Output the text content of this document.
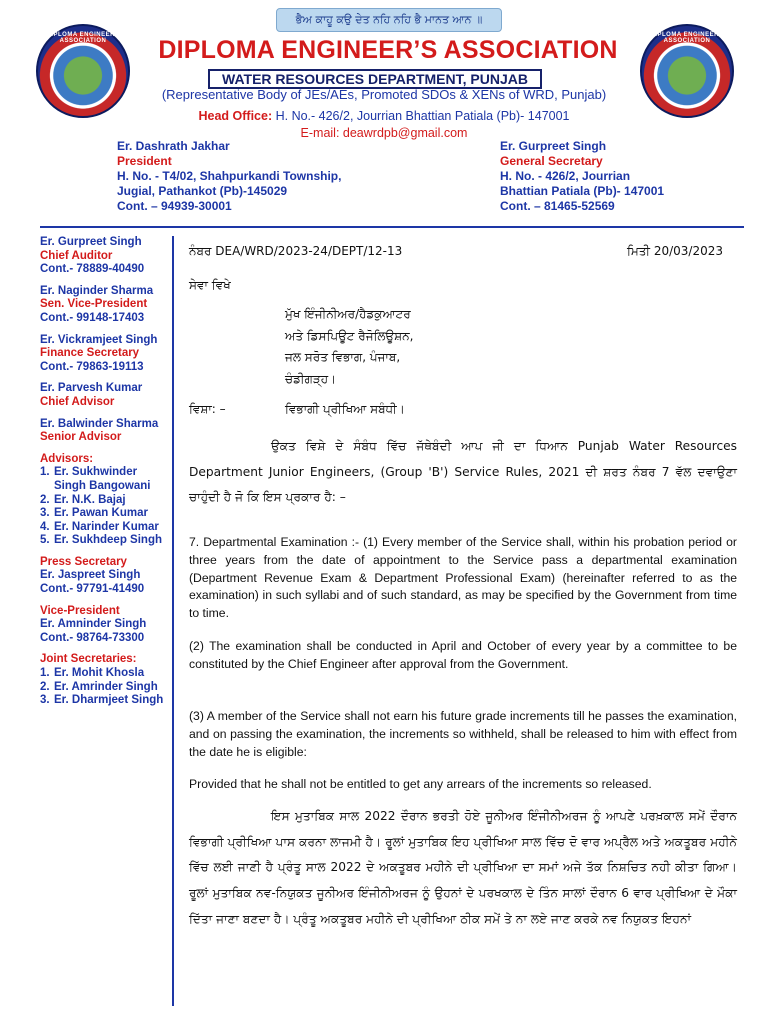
ਭੈਅ ਕਾਹੂ ਕਉ ਦੇਤ ਨਹਿ ਨਹਿ ਭੈ ਮਾਨਤ ਆਨ ॥
DIPLOMA ENGINEERS ASSOCIATION
DIPLOMA ENGINEERS ASSOCIATION
DIPLOMA ENGINEER’S ASSOCIATION
WATER RESOURCES DEPARTMENT, PUNJAB
(Representative Body of JEs/AEs, Promoted SDOs & XENs of WRD, Punjab)
Head Office: H. No.- 426/2, Jourrian Bhattian Patiala (Pb)- 147001
E-mail: deawrdpb@gmail.com
Er. Dashrath Jakhar
President
H. No. - T4/02, Shahpurkandi Township,
Jugial, Pathankot (Pb)-145029
Cont. – 94939-30001
Er. Gurpreet Singh
General Secretary
H. No. - 426/2, Jourrian
Bhattian Patiala (Pb)- 147001
Cont. – 81465-52569
Er. Gurpreet Singh
Chief Auditor
Cont.- 78889-40490
Er. Naginder Sharma
Sen. Vice-President
Cont.- 99148-17403
Er. Vickramjeet Singh
Finance Secretary
Cont.- 79863-19113
Er. Parvesh Kumar
Chief Advisor
Er. Balwinder Sharma
Senior Advisor
Advisors:
1. Er. Sukhwinder
Singh Bangowani
2. Er. N.K. Bajaj
3. Er. Pawan Kumar
4. Er. Narinder Kumar
5. Er. Sukhdeep Singh
Press Secretary
Er. Jaspreet Singh
Cont.- 97791-41490
Vice-President
Er. Amninder Singh
Cont.- 98764-73300
Joint Secretaries:
1. Er. Mohit Khosla
2. Er. Amrinder Singh
3. Er. Dharmjeet Singh
ਨੰਬਰ DEA/WRD/2023-24/DEPT/12-13	ਮਿਤੀ 20/03/2023
ਸੇਵਾ ਵਿਖੇ
ਮੁੱਖ ਇੰਜੀਨੀਅਰ/ਹੈਡਕੁਆਟਰ
ਅਤੇ ਡਿਸਪਿਊਟ ਰੈਜੋਲਿਊਸ਼ਨ,
ਜਲ ਸਰੋਤ ਵਿਭਾਗ, ਪੰਜਾਬ,
ਚੰਡੀਗੜ੍ਹ।
ਵਿਸ਼ਾ: –	ਵਿਭਾਗੀ ਪ੍ਰੀਖਿਆ ਸਬੰਧੀ।
ਉਕਤ ਵਿਸ਼ੇ ਦੇ ਸੰਬੰਧ ਵਿੱਚ ਜੱਥੇਬੰਦੀ ਆਪ ਜੀ ਦਾ ਧਿਆਨ Punjab Water Resources Department Junior Engineers, (Group 'B') Service Rules, 2021 ਦੀ ਸ਼ਰਤ ਨੰਬਰ 7 ਵੱਲ ਦਵਾਉਣਾ ਚਾਹੁੰਦੀ ਹੈ ਜੋ ਕਿ ਇਸ ਪ੍ਰਕਾਰ ਹੈ: –
7. Departmental Examination :- (1) Every member of the Service shall, within his probation period or three years from the date of appointment to the Service pass a departmental examination (Department Revenue Exam & Department Professional Exam) (hereinafter referred to as the examination) in such syllabi and of such standard, as may be specified by the Government from time to time.
(2) The examination shall be conducted in April and October of every year by a committee to be constituted by the Chief Engineer after approval from the Government.
(3) A member of the Service shall not earn his future grade increments till he passes the examination, and on passing the examination, the increments so withheld, shall be released to him with effect from the date he is eligible:
Provided that he shall not be entitled to get any arrears of the increments so released.
ਇਸ ਮੁਤਾਬਿਕ ਸਾਲ 2022 ਦੌਰਾਨ ਭਰਤੀ ਹੋਏ ਜੂਨੀਅਰ ਇੰਜੀਨੀਅਰਜ ਨੂੰ ਆਪਣੇ ਪਰਖ਼ਕਾਲ ਸਮੇਂ ਦੌਰਾਨ ਵਿਭਾਗੀ ਪ੍ਰੀਖਿਆ ਪਾਸ ਕਰਨਾ ਲਾਜਮੀ ਹੈ। ਰੂਲਾਂ ਮੁਤਾਬਿਕ ਇਹ ਪ੍ਰੀਖਿਆ ਸਾਲ ਵਿੱਚ ਦੋ ਵਾਰ ਅਪ੍ਰੈਲ ਅਤੇ ਅਕਤੂਬਰ ਮਹੀਨੇ ਵਿੱਚ ਲਈ ਜਾਣੀ ਹੈ ਪ੍ਰੰਤੂ ਸਾਲ 2022 ਦੇ ਅਕਤੂਬਰ ਮਹੀਨੇ ਦੀ ਪ੍ਰੀਖਿਆ ਦਾ ਸਮਾਂ ਅਜੇ ਤੱਕ ਨਿਸ਼ਚਿਤ ਨਹੀ ਕੀਤਾ ਗਿਆ। ਰੂਲਾਂ ਮੁਤਾਬਿਕ ਨਵ-ਨਿਯੁਕਤ ਜੂਨੀਅਰ ਇੰਜੀਨੀਅਰਜ ਨੂੰ ਉਹਨਾਂ ਦੇ ਪਰਖਕਾਲ ਦੇ ਤਿੰਨ ਸਾਲਾਂ ਦੌਰਾਨ 6 ਵਾਰ ਪ੍ਰੀਖਿਆ ਦੇ ਮੌਕਾ ਦਿੱਤਾ ਜਾਣਾ ਬਣਦਾ ਹੈ। ਪ੍ਰੰਤੂ ਅਕਤੂਬਰ ਮਹੀਨੇ ਦੀ ਪ੍ਰੀਖਿਆ ਠੀਕ ਸਮੇਂ ਤੇ ਨਾ ਲਏ ਜਾਣ ਕਰਕੇ ਨਵ ਨਿਯੁਕਤ ਇਹਨਾਂ
